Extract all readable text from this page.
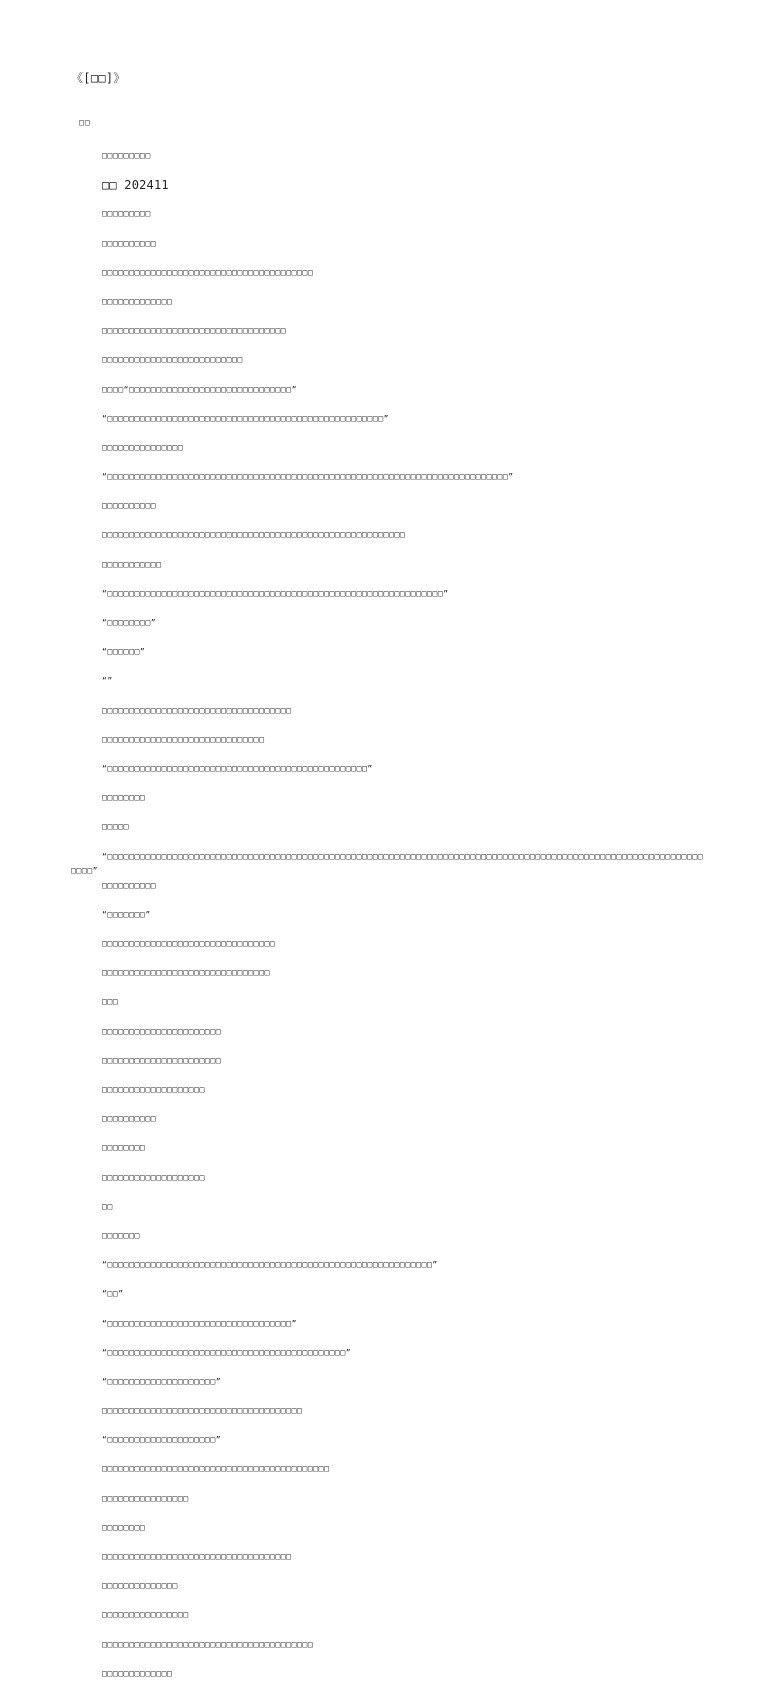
《[□□]》
□□
□□□□□□□□□
□□ 202411
□□□□□□□□□
□□□□□□□□□□
□□□□□□□□□□□□□□□□□□□□□□□□□□□□□□□□□□□□□□□
□□□□□□□□□□□□□
□□□□□□□□□□□□□□□□□□□□□□□□□□□□□□□□□□
□□□□□□□□□□□□□□□□□□□□□□□□□□
□□□□“□□□□□□□□□□□□□□□□□□□□□□□□□□□□□□”
“□□□□□□□□□□□□□□□□□□□□□□□□□□□□□□□□□□□□□□□□□□□□□□□□□□□”
□□□□□□□□□□□□□□□
“□□□□□□□□□□□□□□□□□□□□□□□□□□□□□□□□□□□□□□□□□□□□□□□□□□□□□□□□□□□□□□□□□□□□□□□□□□”
□□□□□□□□□□
□□□□□□□□□□□□□□□□□□□□□□□□□□□□□□□□□□□□□□□□□□□□□□□□□□□□□□□□
□□□□□□□□□□□
“□□□□□□□□□□□□□□□□□□□□□□□□□□□□□□□□□□□□□□□□□□□□□□□□□□□□□□□□□□□□□□”
“□□□□□□□□”
“□□□□□□”
“”
□□□□□□□□□□□□□□□□□□□□□□□□□□□□□□□□□□□
□□□□□□□□□□□□□□□□□□□□□□□□□□□□□□
“□□□□□□□□□□□□□□□□□□□□□□□□□□□□□□□□□□□□□□□□□□□□□□□□”
□□□□□□□□
□□□□□
“□□□□□□□□□□□□□□□□□□□□□□□□□□□□□□□□□□□□□□□□□□□□□□□□□□□□□□□□□□□□□□□□□□□□□□□□□□□□□□□□□□□□□□□□□□□□□□□□□□□□□□□□□□□□□□
□□□□”
□□□□□□□□□□
“□□□□□□□”
□□□□□□□□□□□□□□□□□□□□□□□□□□□□□□□□
□□□□□□□□□□□□□□□□□□□□□□□□□□□□□□□
□□□
□□□□□□□□□□□□□□□□□□□□□□
□□□□□□□□□□□□□□□□□□□□□□
□□□□□□□□□□□□□□□□□□□
□□□□□□□□□□
□□□□□□□□
□□□□□□□□□□□□□□□□□□□
□□
□□□□□□□
“□□□□□□□□□□□□□□□□□□□□□□□□□□□□□□□□□□□□□□□□□□□□□□□□□□□□□□□□□□□□”
“□□”
“□□□□□□□□□□□□□□□□□□□□□□□□□□□□□□□□□□”
“□□□□□□□□□□□□□□□□□□□□□□□□□□□□□□□□□□□□□□□□□□□□”
“□□□□□□□□□□□□□□□□□□□□”
□□□□□□□□□□□□□□□□□□□□□□□□□□□□□□□□□□□□□
“□□□□□□□□□□□□□□□□□□□□”
□□□□□□□□□□□□□□□□□□□□□□□□□□□□□□□□□□□□□□□□□□
□□□□□□□□□□□□□□□□
□□□□□□□□
□□□□□□□□□□□□□□□□□□□□□□□□□□□□□□□□□□□
□□□□□□□□□□□□□□
□□□□□□□□□□□□□□□□
□□□□□□□□□□□□□□□□□□□□□□□□□□□□□□□□□□□□□□□
□□□□□□□□□□□□□
